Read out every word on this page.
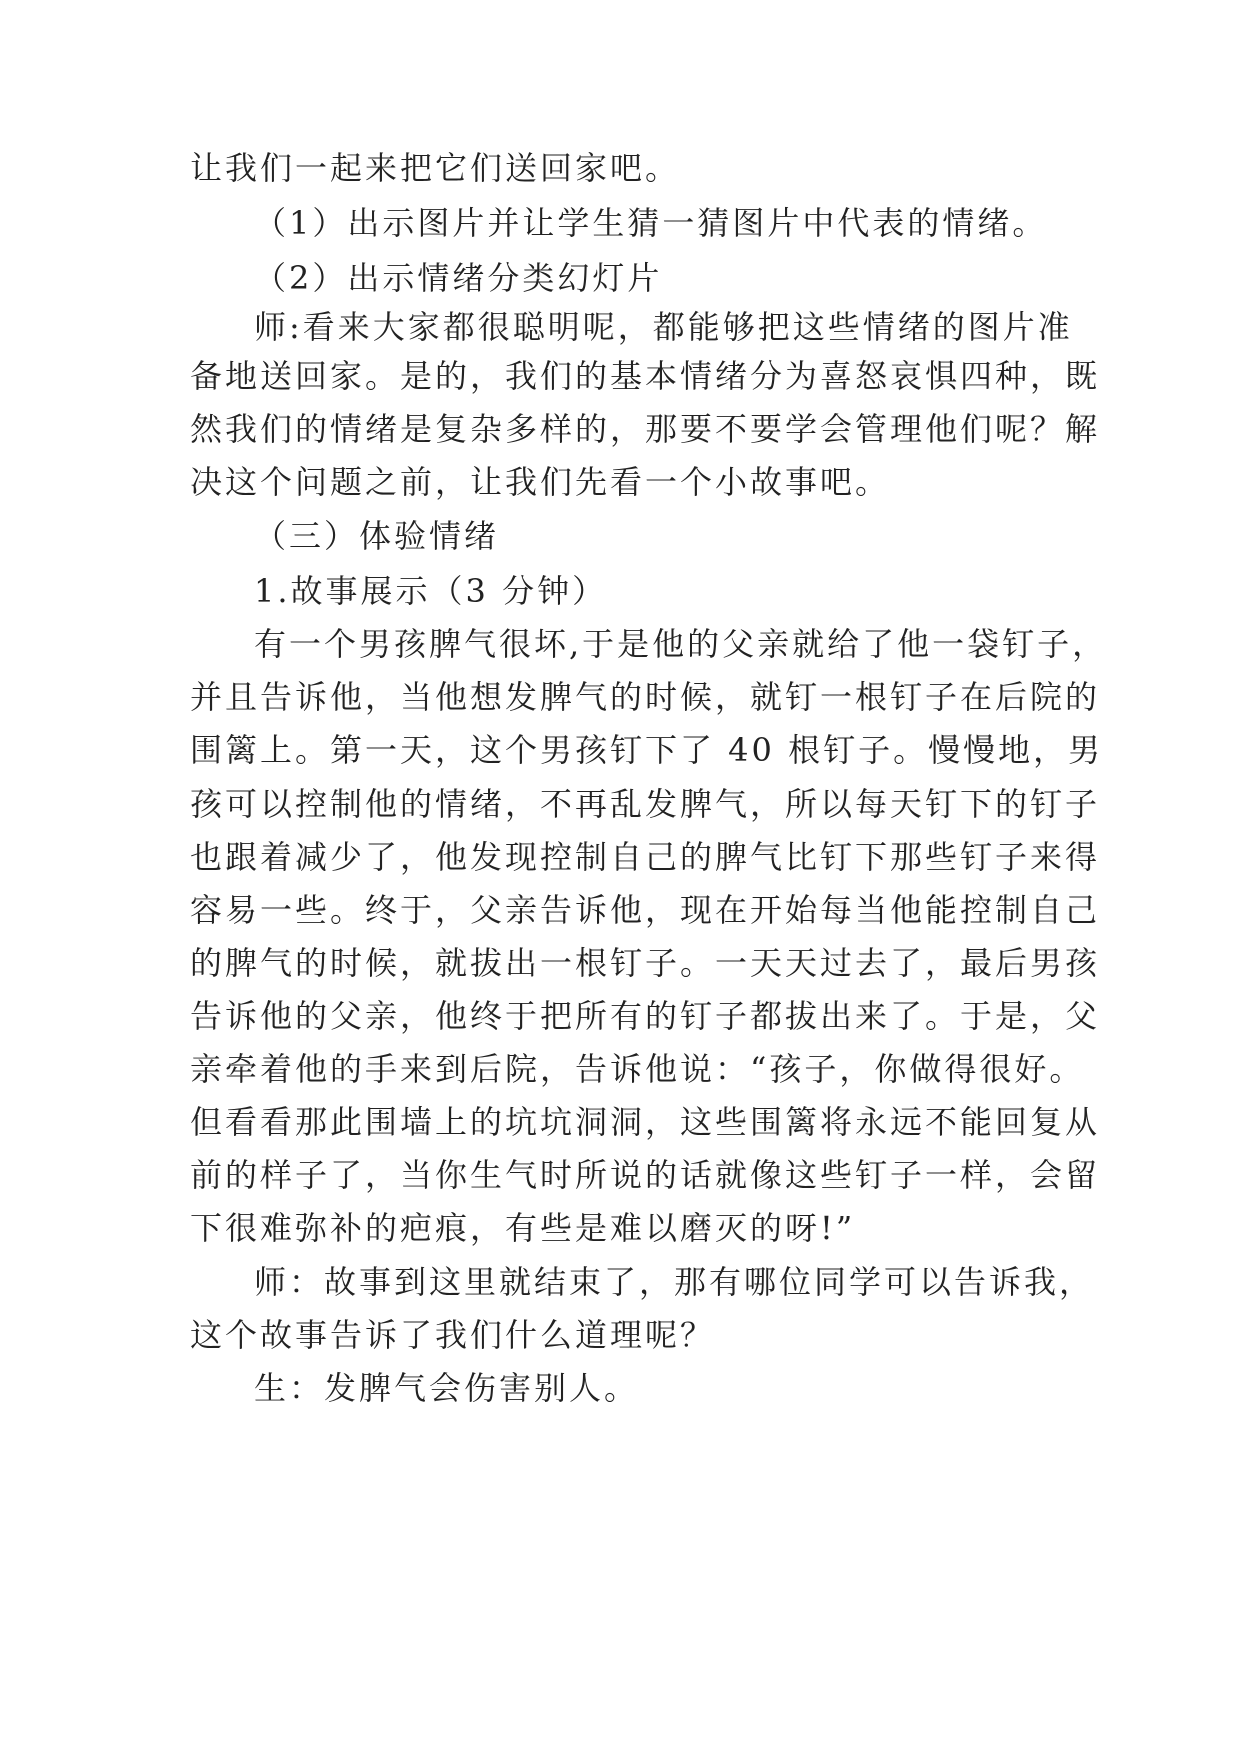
让我们一起来把它们送回家吧。
（1）出示图片并让学生猜一猜图片中代表的情绪。
（2）出示情绪分类幻灯片
师:看来大家都很聪明呢，都能够把这些情绪的图片准
备地送回家。是的，我们的基本情绪分为喜怒哀惧四种，既
然我们的情绪是复杂多样的，那要不要学会管理他们呢？解
决这个问题之前，让我们先看一个小故事吧。
（三）体验情绪
1.故事展示（3 分钟）
有一个男孩脾气很坏,于是他的父亲就给了他一袋钉子，
并且告诉他，当他想发脾气的时候，就钉一根钉子在后院的
围篱上。第一天，这个男孩钉下了 40 根钉子。慢慢地，男
孩可以控制他的情绪，不再乱发脾气，所以每天钉下的钉子
也跟着减少了，他发现控制自己的脾气比钉下那些钉子来得
容易一些。终于，父亲告诉他，现在开始每当他能控制自己
的脾气的时候，就拔出一根钉子。一天天过去了，最后男孩
告诉他的父亲，他终于把所有的钉子都拔出来了。于是，父
亲牵着他的手来到后院，告诉他说：“孩子，你做得很好。
但看看那此围墙上的坑坑洞洞，这些围篱将永远不能回复从
前的样子了，当你生气时所说的话就像这些钉子一样，会留
下很难弥补的疤痕，有些是难以磨灭的呀!”
师：故事到这里就结束了，那有哪位同学可以告诉我，
这个故事告诉了我们什么道理呢？
生：发脾气会伤害别人。
